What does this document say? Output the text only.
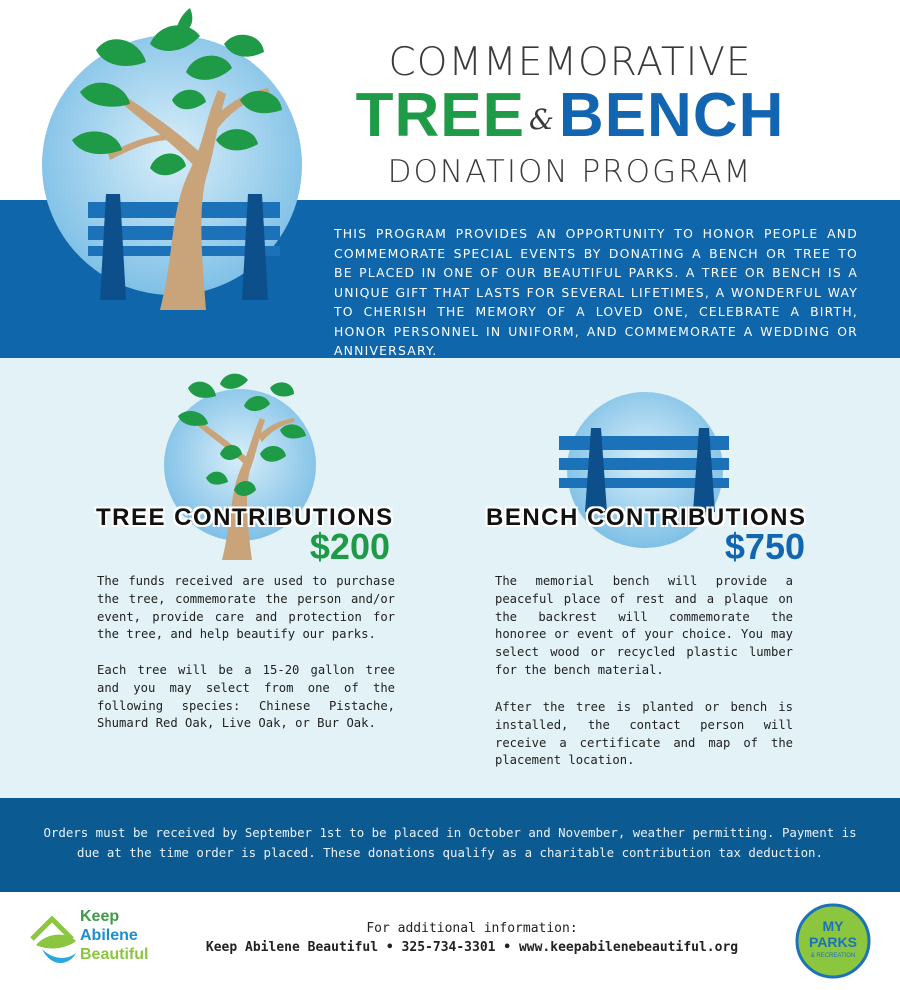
COMMEMORATIVE
TREE &BENCH
DONATION PROGRAM
THIS PROGRAM PROVIDES AN OPPORTUNITY TO HONOR PEOPLE AND COMMEMORATE SPECIAL EVENTS BY DONATING A BENCH OR TREE TO BE PLACED IN ONE OF OUR BEAUTIFUL PARKS. A TREE OR BENCH IS A UNIQUE GIFT THAT LASTS FOR SEVERAL LIFETIMES, A WONDERFUL WAY TO CHERISH THE MEMORY OF A LOVED ONE, CELEBRATE A BIRTH, HONOR PERSONNEL IN UNIFORM, AND COMMEMORATE A WEDDING OR ANNIVERSARY.
TREE CONTRIBUTIONS
$200
The funds received are used to purchase the tree, commemorate the person and/or event, provide care and protection for the tree, and help beautify our parks.
Each tree will be a 15-20 gallon tree and you may select from one of the following species: Chinese Pistache, Shumard Red Oak, Live Oak, or Bur Oak.
BENCH CONTRIBUTIONS
$750
The memorial bench will provide a peaceful place of rest and a plaque on the backrest will commemorate the honoree or event of your choice. You may select wood or recycled plastic lumber for the bench material.
After the tree is planted or bench is installed, the contact person will receive a certificate and map of the placement location.
Orders must be received by September 1st to be placed in October and November, weather permitting. Payment is due at the time order is placed. These donations qualify as a charitable contribution tax deduction.
Keep
Abilene
Beautiful
For additional information:
Keep Abilene Beautiful • 325-734-3301 • www.keepabilenebeautiful.org
MY
PARKS
& RECREATION
